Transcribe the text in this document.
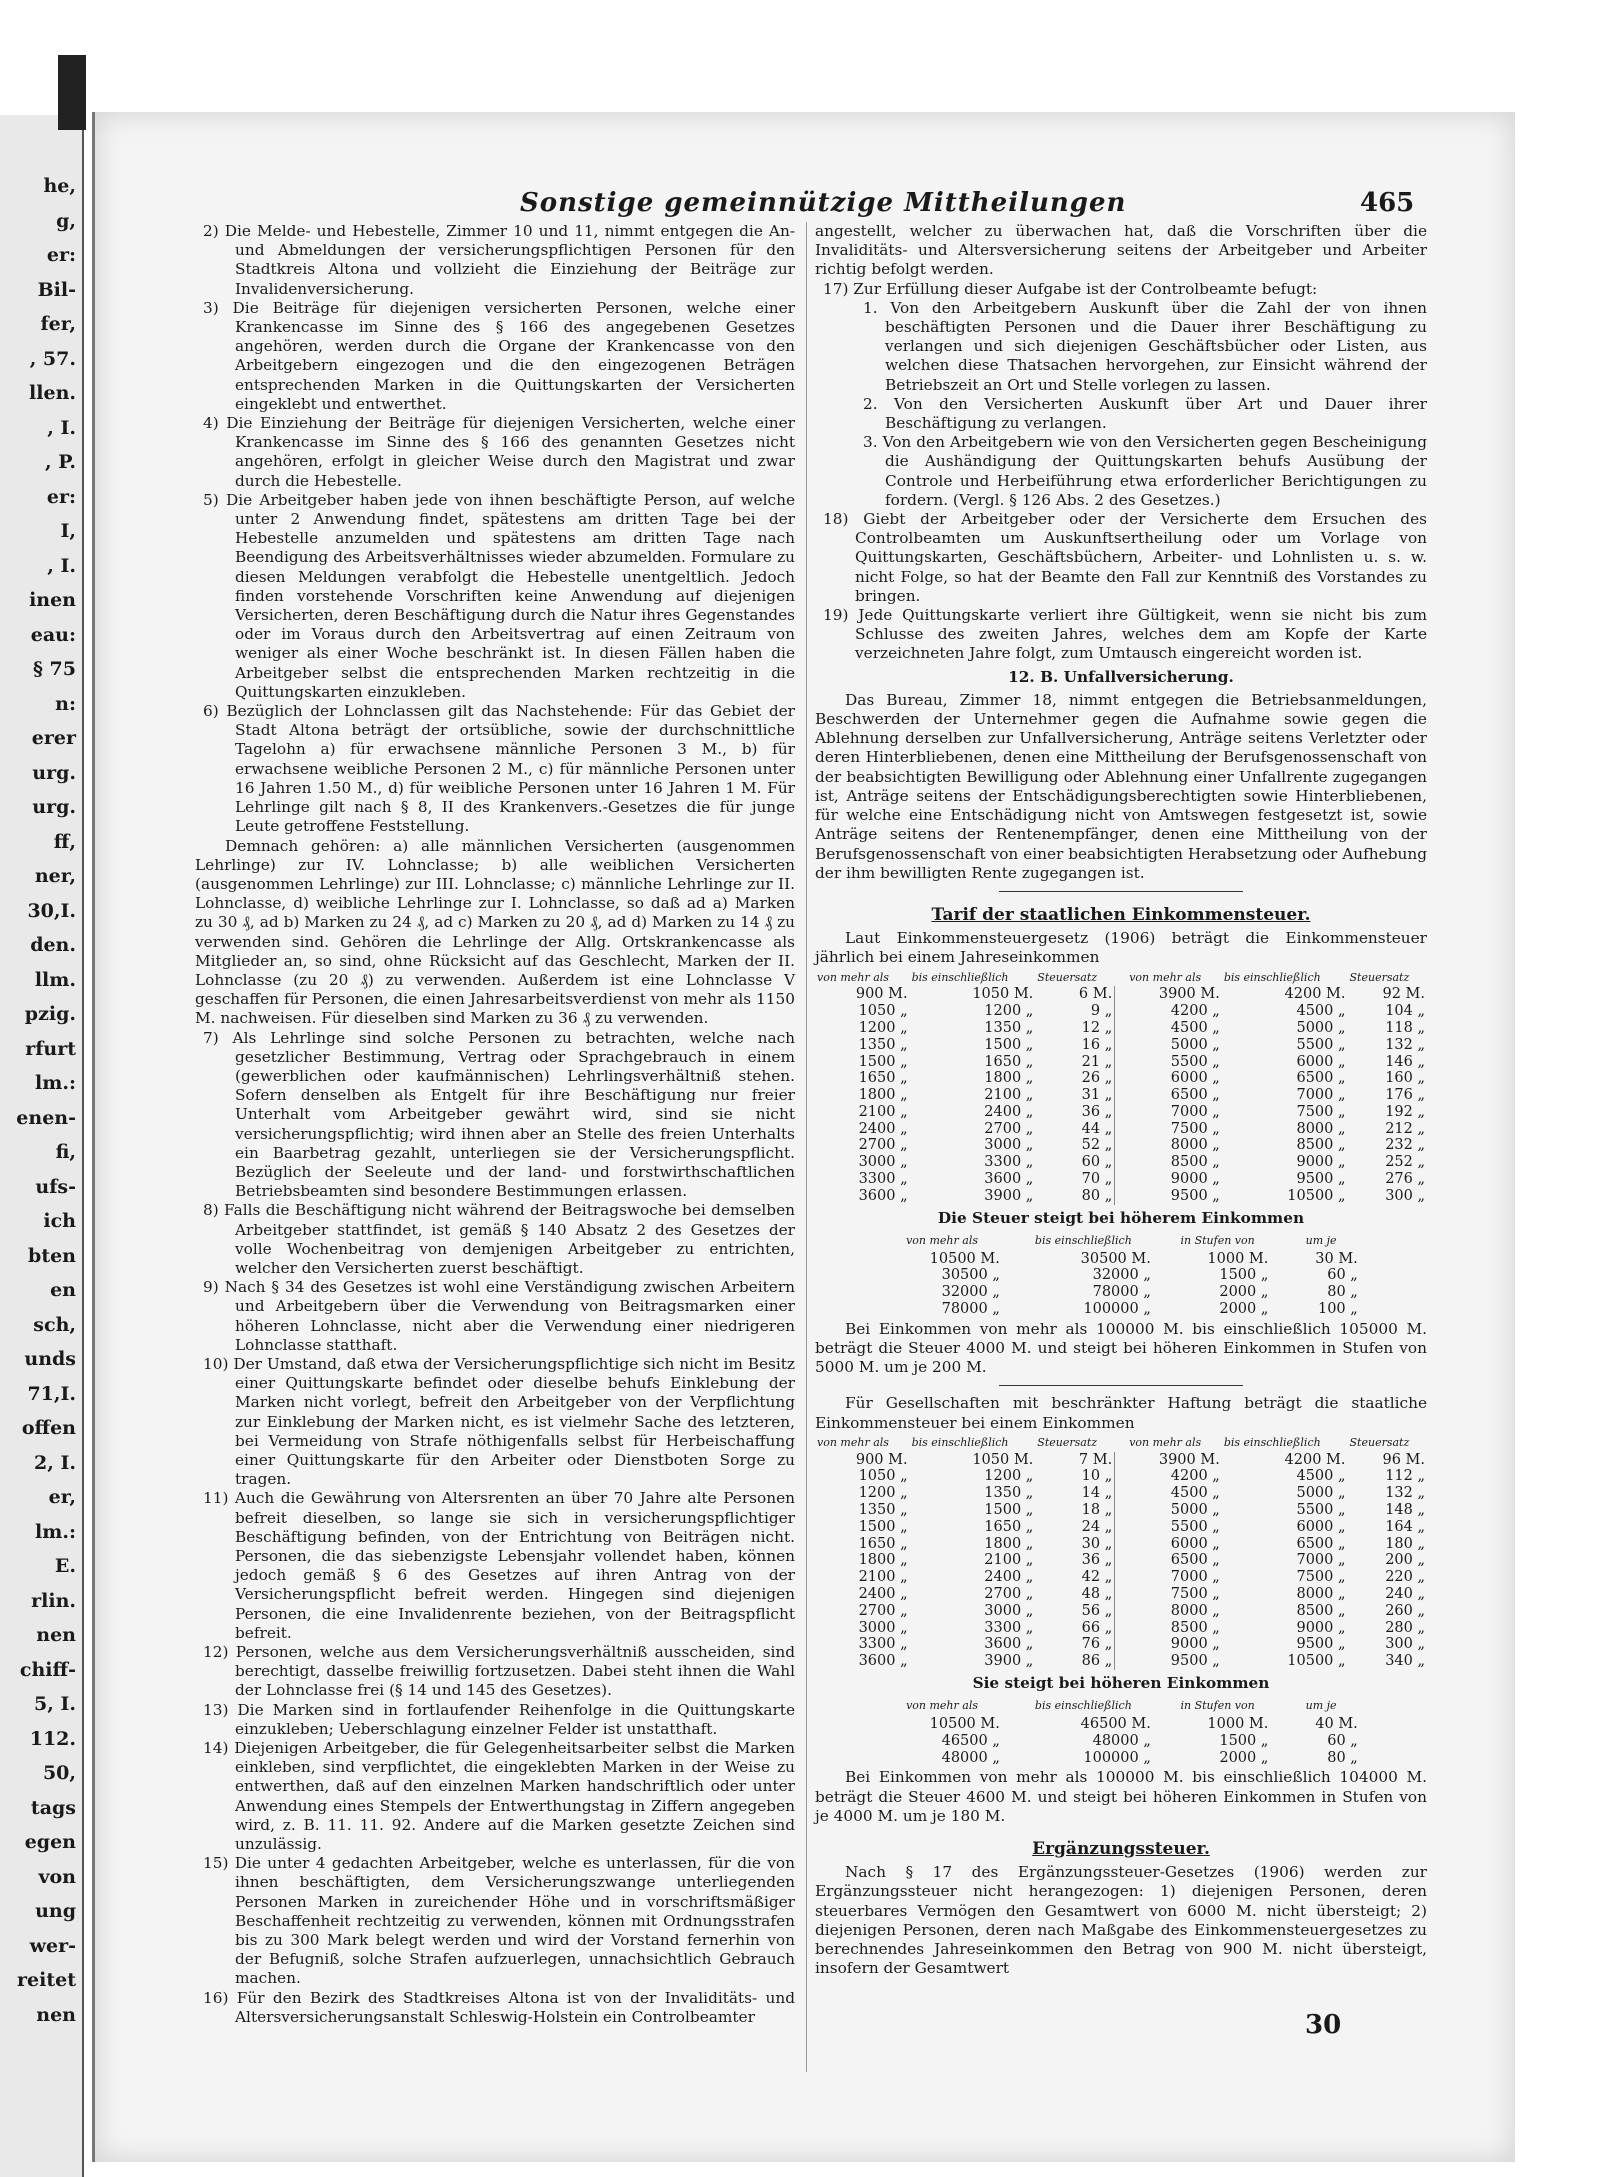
he,
g,
er:
Bil-
fer,
, 57.
llen.
, I.
, P.
er:
I,
, I.
inen
eau:
§ 75
n:
erer
urg.
urg.
ff,
ner,
30,I.
den.
llm.
pzig.
rfurt
lm.:
enen-
fi,
ufs-
ich
bten
en
sch,
unds
71,I.
offen
2, I.
er,
lm.:
E.
rlin.
nen
chiff-
5, I.
112.
50,
tags
egen
von
ung
wer-
reitet
nen
Sonstige gemeinnützige Mittheilungen	465

2) Die Melde- und Hebestelle, Zimmer 10 und 11, nimmt entgegen die An- und Abmeldungen der versicherungspflichtigen Personen für den Stadtkreis Altona und vollzieht die Einziehung der Beiträge zur Invalidenversicherung.

3) Die Beiträge für diejenigen versicherten Personen, welche einer Krankencasse im Sinne des § 166 des angegebenen Gesetzes angehören, werden durch die Organe der Krankencasse von den Arbeitgebern eingezogen und die den eingezogenen Beträgen entsprechenden Marken in die Quittungskarten der Versicherten eingeklebt und entwerthet.

4) Die Einziehung der Beiträge für diejenigen Versicherten, welche einer Krankencasse im Sinne des § 166 des genannten Gesetzes nicht angehören, erfolgt in gleicher Weise durch den Magistrat und zwar durch die Hebestelle.

5) Die Arbeitgeber haben jede von ihnen beschäftigte Person, auf welche unter 2 Anwendung findet, spätestens am dritten Tage bei der Hebestelle anzumelden und spätestens am dritten Tage nach Beendigung des Arbeitsverhältnisses wieder abzumelden. Formulare zu diesen Meldungen verabfolgt die Hebestelle unentgeltlich. Jedoch finden vorstehende Vorschriften keine Anwendung auf diejenigen Versicherten, deren Beschäftigung durch die Natur ihres Gegenstandes oder im Voraus durch den Arbeitsvertrag auf einen Zeitraum von weniger als einer Woche beschränkt ist. In diesen Fällen haben die Arbeitgeber selbst die entsprechenden Marken rechtzeitig in die Quittungskarten einzukleben.

6) Bezüglich der Lohnclassen gilt das Nachstehende: Für das Gebiet der Stadt Altona beträgt der ortsübliche, sowie der durchschnittliche Tagelohn a) für erwachsene männliche Personen 3 M., b) für erwachsene weibliche Personen 2 M., c) für männliche Personen unter 16 Jahren 1.50 M., d) für weibliche Personen unter 16 Jahren 1 M. Für Lehrlinge gilt nach § 8, II des Krankenvers.-Gesetzes die für junge Leute getroffene Feststellung.

Demnach gehören: a) alle männlichen Versicherten (ausgenommen Lehrlinge) zur IV. Lohnclasse; b) alle weiblichen Versicherten (ausgenommen Lehrlinge) zur III. Lohnclasse; c) männliche Lehrlinge zur II. Lohnclasse, d) weibliche Lehrlinge zur I. Lohnclasse, so daß ad a) Marken zu 30 ₰, ad b) Marken zu 24 ₰, ad c) Marken zu 20 ₰, ad d) Marken zu 14 ₰ zu verwenden sind. Gehören die Lehrlinge der Allg. Ortskrankencasse als Mitglieder an, so sind, ohne Rücksicht auf das Geschlecht, Marken der II. Lohnclasse (zu 20 ₰) zu verwenden. Außerdem ist eine Lohnclasse V geschaffen für Personen, die einen Jahresarbeitsverdienst von mehr als 1150 M. nachweisen. Für dieselben sind Marken zu 36 ₰ zu verwenden.

7) Als Lehrlinge sind solche Personen zu betrachten, welche nach gesetzlicher Bestimmung, Vertrag oder Sprachgebrauch in einem (gewerblichen oder kaufmännischen) Lehrlingsverhältniß stehen. Sofern denselben als Entgelt für ihre Beschäftigung nur freier Unterhalt vom Arbeitgeber gewährt wird, sind sie nicht versicherungspflichtig; wird ihnen aber an Stelle des freien Unterhalts ein Baarbetrag gezahlt, unterliegen sie der Versicherungspflicht. Bezüglich der Seeleute und der land- und forstwirthschaftlichen Betriebsbeamten sind besondere Bestimmungen erlassen.

8) Falls die Beschäftigung nicht während der Beitragswoche bei demselben Arbeitgeber stattfindet, ist gemäß § 140 Absatz 2 des Gesetzes der volle Wochenbeitrag von demjenigen Arbeitgeber zu entrichten, welcher den Versicherten zuerst beschäftigt.

9) Nach § 34 des Gesetzes ist wohl eine Verständigung zwischen Arbeitern und Arbeitgebern über die Verwendung von Beitragsmarken einer höheren Lohnclasse, nicht aber die Verwendung einer niedrigeren Lohnclasse statthaft.

10) Der Umstand, daß etwa der Versicherungspflichtige sich nicht im Besitz einer Quittungskarte befindet oder dieselbe behufs Einklebung der Marken nicht vorlegt, befreit den Arbeitgeber von der Verpflichtung zur Einklebung der Marken nicht, es ist vielmehr Sache des letzteren, bei Vermeidung von Strafe nöthigenfalls selbst für Herbeischaffung einer Quittungskarte für den Arbeiter oder Dienstboten Sorge zu tragen.

11) Auch die Gewährung von Altersrenten an über 70 Jahre alte Personen befreit dieselben, so lange sie sich in versicherungspflichtiger Beschäftigung befinden, von der Entrichtung von Beiträgen nicht. Personen, die das siebenzigste Lebensjahr vollendet haben, können jedoch gemäß § 6 des Gesetzes auf ihren Antrag von der Versicherungspflicht befreit werden. Hingegen sind diejenigen Personen, die eine Invalidenrente beziehen, von der Beitragspflicht befreit.

12) Personen, welche aus dem Versicherungsverhältniß ausscheiden, sind berechtigt, dasselbe freiwillig fortzusetzen. Dabei steht ihnen die Wahl der Lohnclasse frei (§ 14 und 145 des Gesetzes).

13) Die Marken sind in fortlaufender Reihenfolge in die Quittungskarte einzukleben; Ueberschlagung einzelner Felder ist unstatthaft.

14) Diejenigen Arbeitgeber, die für Gelegenheitsarbeiter selbst die Marken einkleben, sind verpflichtet, die eingeklebten Marken in der Weise zu entwerthen, daß auf den einzelnen Marken handschriftlich oder unter Anwendung eines Stempels der Entwerthungstag in Ziffern angegeben wird, z. B. 11. 11. 92. Andere auf die Marken gesetzte Zeichen sind unzulässig.

15) Die unter 4 gedachten Arbeitgeber, welche es unterlassen, für die von ihnen beschäftigten, dem Versicherungszwange unterliegenden Personen Marken in zureichender Höhe und in vorschriftsmäßiger Beschaffenheit rechtzeitig zu verwenden, können mit Ordnungsstrafen bis zu 300 Mark belegt werden und wird der Vorstand fernerhin von der Befugniß, solche Strafen aufzuerlegen, unnachsichtlich Gebrauch machen.

16) Für den Bezirk des Stadtkreises Altona ist von der Invaliditäts- und Altersversicherungsanstalt Schleswig-Holstein ein Controlbeamter

angestellt, welcher zu überwachen hat, daß die Vorschriften über die Invaliditäts- und Altersversicherung seitens der Arbeitgeber und Arbeiter richtig befolgt werden.

17) Zur Erfüllung dieser Aufgabe ist der Controlbeamte befugt:

1. Von den Arbeitgebern Auskunft über die Zahl der von ihnen beschäftigten Personen und die Dauer ihrer Beschäftigung zu verlangen und sich diejenigen Geschäftsbücher oder Listen, aus welchen diese Thatsachen hervorgehen, zur Einsicht während der Betriebszeit an Ort und Stelle vorlegen zu lassen.

2. Von den Versicherten Auskunft über Art und Dauer ihrer Beschäftigung zu verlangen.

3. Von den Arbeitgebern wie von den Versicherten gegen Bescheinigung die Aushändigung der Quittungskarten behufs Ausübung der Controle und Herbeiführung etwa erforderlicher Berichtigungen zu fordern. (Vergl. § 126 Abs. 2 des Gesetzes.)

18) Giebt der Arbeitgeber oder der Versicherte dem Ersuchen des Controlbeamten um Auskunftsertheilung oder um Vorlage von Quittungskarten, Geschäftsbüchern, Arbeiter- und Lohnlisten u. s. w. nicht Folge, so hat der Beamte den Fall zur Kenntniß des Vorstandes zu bringen.

19) Jede Quittungskarte verliert ihre Gültigkeit, wenn sie nicht bis zum Schlusse des zweiten Jahres, welches dem am Kopfe der Karte verzeichneten Jahre folgt, zum Umtausch eingereicht worden ist.

12. B. Unfallversicherung.

Das Bureau, Zimmer 18, nimmt entgegen die Betriebsanmeldungen, Beschwerden der Unternehmer gegen die Aufnahme sowie gegen die Ablehnung derselben zur Unfallversicherung, Anträge seitens Verletzter oder deren Hinterbliebenen, denen eine Mittheilung der Berufsgenossenschaft von der beabsichtigten Bewilligung oder Ablehnung einer Unfallrente zugegangen ist, Anträge seitens der Entschädigungsberechtigten sowie Hinterbliebenen, für welche eine Entschädigung nicht von Amtswegen festgesetzt ist, sowie Anträge seitens der Rentenempfänger, denen eine Mittheilung von der Berufsgenossenschaft von einer beabsichtigten Herabsetzung oder Aufhebung der ihm bewilligten Rente zugegangen ist.

Tarif der staatlichen Einkommensteuer.

Laut Einkommensteuergesetz (1906) beträgt die Einkommensteuer jährlich bei einem Jahreseinkommen

von mehr als	bis einschließlich	Steuersatz		von mehr als	bis einschließlich	Steuersatz
900 M.	1050 M.	6 M.		3900 M.	4200 M.	92 M.
1050 „	1200 „	9 „		4200 „	4500 „	104 „
1200 „	1350 „	12 „		4500 „	5000 „	118 „
1350 „	1500 „	16 „		5000 „	5500 „	132 „
1500 „	1650 „	21 „		5500 „	6000 „	146 „
1650 „	1800 „	26 „		6000 „	6500 „	160 „
1800 „	2100 „	31 „		6500 „	7000 „	176 „
2100 „	2400 „	36 „		7000 „	7500 „	192 „
2400 „	2700 „	44 „		7500 „	8000 „	212 „
2700 „	3000 „	52 „		8000 „	8500 „	232 „
3000 „	3300 „	60 „		8500 „	9000 „	252 „
3300 „	3600 „	70 „		9000 „	9500 „	276 „
3600 „	3900 „	80 „		9500 „	10500 „	300 „

Die Steuer steigt bei höherem Einkommen

von mehr als	bis einschließlich	in Stufen von	um je
10500 M.	30500 M.	1000 M.	30 M.
30500 „	32000 „	1500 „	60 „
32000 „	78000 „	2000 „	80 „
78000 „	100000 „	2000 „	100 „

Bei Einkommen von mehr als 100000 M. bis einschließlich 105000 M. beträgt die Steuer 4000 M. und steigt bei höheren Einkommen in Stufen von 5000 M. um je 200 M.

Für Gesellschaften mit beschränkter Haftung beträgt die staatliche Einkommensteuer bei einem Einkommen

von mehr als	bis einschließlich	Steuersatz		von mehr als	bis einschließlich	Steuersatz
900 M.	1050 M.	7 M.		3900 M.	4200 M.	96 M.
1050 „	1200 „	10 „		4200 „	4500 „	112 „
1200 „	1350 „	14 „		4500 „	5000 „	132 „
1350 „	1500 „	18 „		5000 „	5500 „	148 „
1500 „	1650 „	24 „		5500 „	6000 „	164 „
1650 „	1800 „	30 „		6000 „	6500 „	180 „
1800 „	2100 „	36 „		6500 „	7000 „	200 „
2100 „	2400 „	42 „		7000 „	7500 „	220 „
2400 „	2700 „	48 „		7500 „	8000 „	240 „
2700 „	3000 „	56 „		8000 „	8500 „	260 „
3000 „	3300 „	66 „		8500 „	9000 „	280 „
3300 „	3600 „	76 „		9000 „	9500 „	300 „
3600 „	3900 „	86 „		9500 „	10500 „	340 „

Sie steigt bei höheren Einkommen

von mehr als	bis einschließlich	in Stufen von	um je
10500 M.	46500 M.	1000 M.	40 M.
46500 „	48000 „	1500 „	60 „
48000 „	100000 „	2000 „	80 „

Bei Einkommen von mehr als 100000 M. bis einschließlich 104000 M. beträgt die Steuer 4600 M. und steigt bei höheren Einkommen in Stufen von je 4000 M. um je 180 M.

Ergänzungssteuer.

Nach § 17 des Ergänzungssteuer-Gesetzes (1906) werden zur Ergänzungssteuer nicht herangezogen: 1) diejenigen Personen, deren steuerbares Vermögen den Gesamtwert von 6000 M. nicht übersteigt; 2) diejenigen Personen, deren nach Maßgabe des Einkommensteuergesetzes zu berechnendes Jahreseinkommen den Betrag von 900 M. nicht übersteigt, insofern der Gesamtwert

30
